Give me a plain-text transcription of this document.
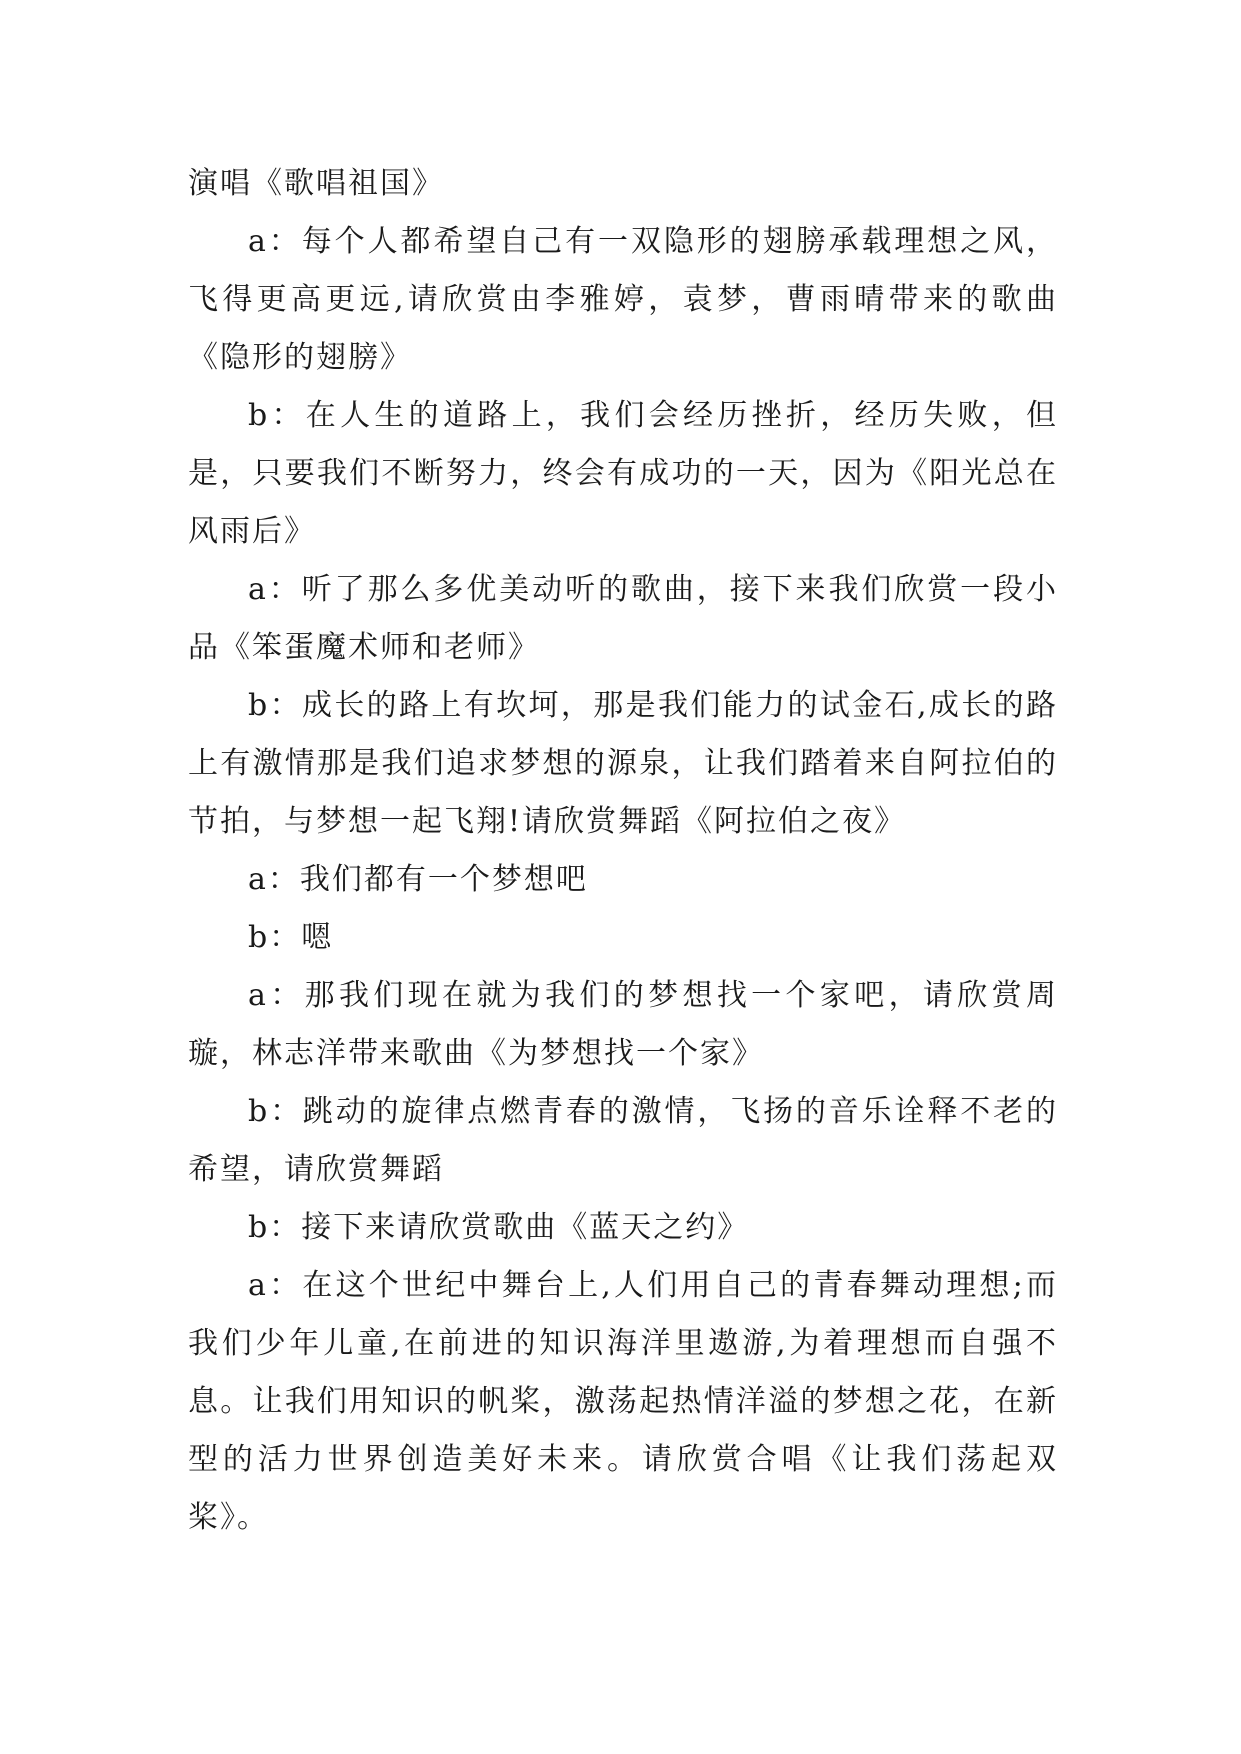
演唱《歌唱祖国》

a：每个人都希望自己有一双隐形的翅膀承载理想之风，飞得更高更远,请欣赏由李雅婷，袁梦，曹雨晴带来的歌曲《隐形的翅膀》

b：在人生的道路上，我们会经历挫折，经历失败，但是，只要我们不断努力，终会有成功的一天，因为《阳光总在风雨后》

a：听了那么多优美动听的歌曲，接下来我们欣赏一段小品《笨蛋魔术师和老师》

b：成长的路上有坎坷，那是我们能力的试金石,成长的路上有激情那是我们追求梦想的源泉，让我们踏着来自阿拉伯的节拍，与梦想一起飞翔!请欣赏舞蹈《阿拉伯之夜》

a：我们都有一个梦想吧

b：嗯

a：那我们现在就为我们的梦想找一个家吧，请欣赏周璇，林志洋带来歌曲《为梦想找一个家》

b：跳动的旋律点燃青春的激情，飞扬的音乐诠释不老的希望，请欣赏舞蹈

b：接下来请欣赏歌曲《蓝天之约》

a：在这个世纪中舞台上,人们用自己的青春舞动理想;而我们少年儿童,在前进的知识海洋里遨游,为着理想而自强不息。让我们用知识的帆桨，激荡起热情洋溢的梦想之花，在新型的活力世界创造美好未来。请欣赏合唱《让我们荡起双桨》。
